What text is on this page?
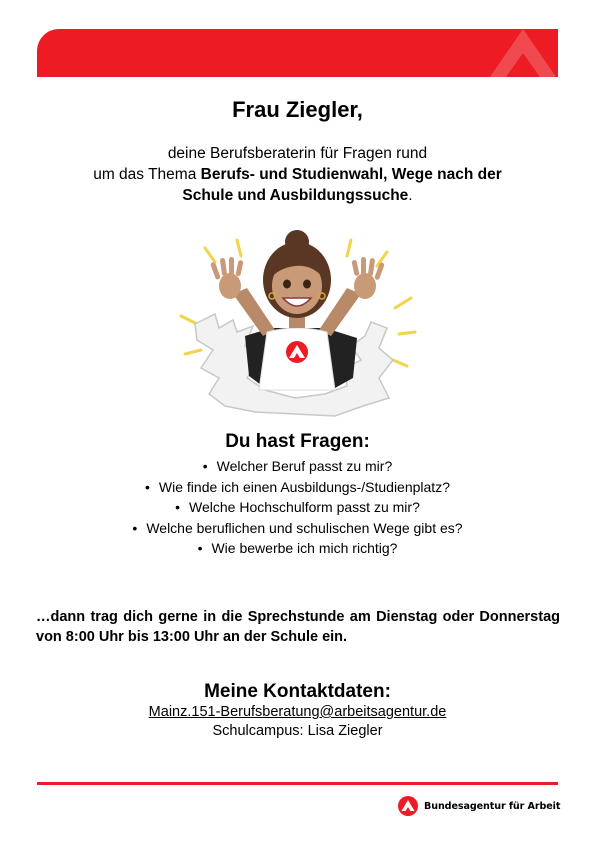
Frau Ziegler,
deine Berufsberaterin für Fragen rund
um das Thema Berufs- und Studienwahl, Wege nach der
Schule und Ausbildungssuche.
Du hast Fragen:
• Welcher Beruf passt zu mir?
• Wie finde ich einen Ausbildungs-/Studienplatz?
• Welche Hochschulform passt zu mir?
• Welche beruflichen und schulischen Wege gibt es?
• Wie bewerbe ich mich richtig?
…dann trag dich gerne in die Sprechstunde am Dienstag oder Donnerstag von 8:00 Uhr bis 13:00 Uhr an der Schule ein.
Meine Kontaktdaten:
Mainz.151-Berufsberatung@arbeitsagentur.de
Schulcampus: Lisa Ziegler
Bundesagentur für Arbeit
